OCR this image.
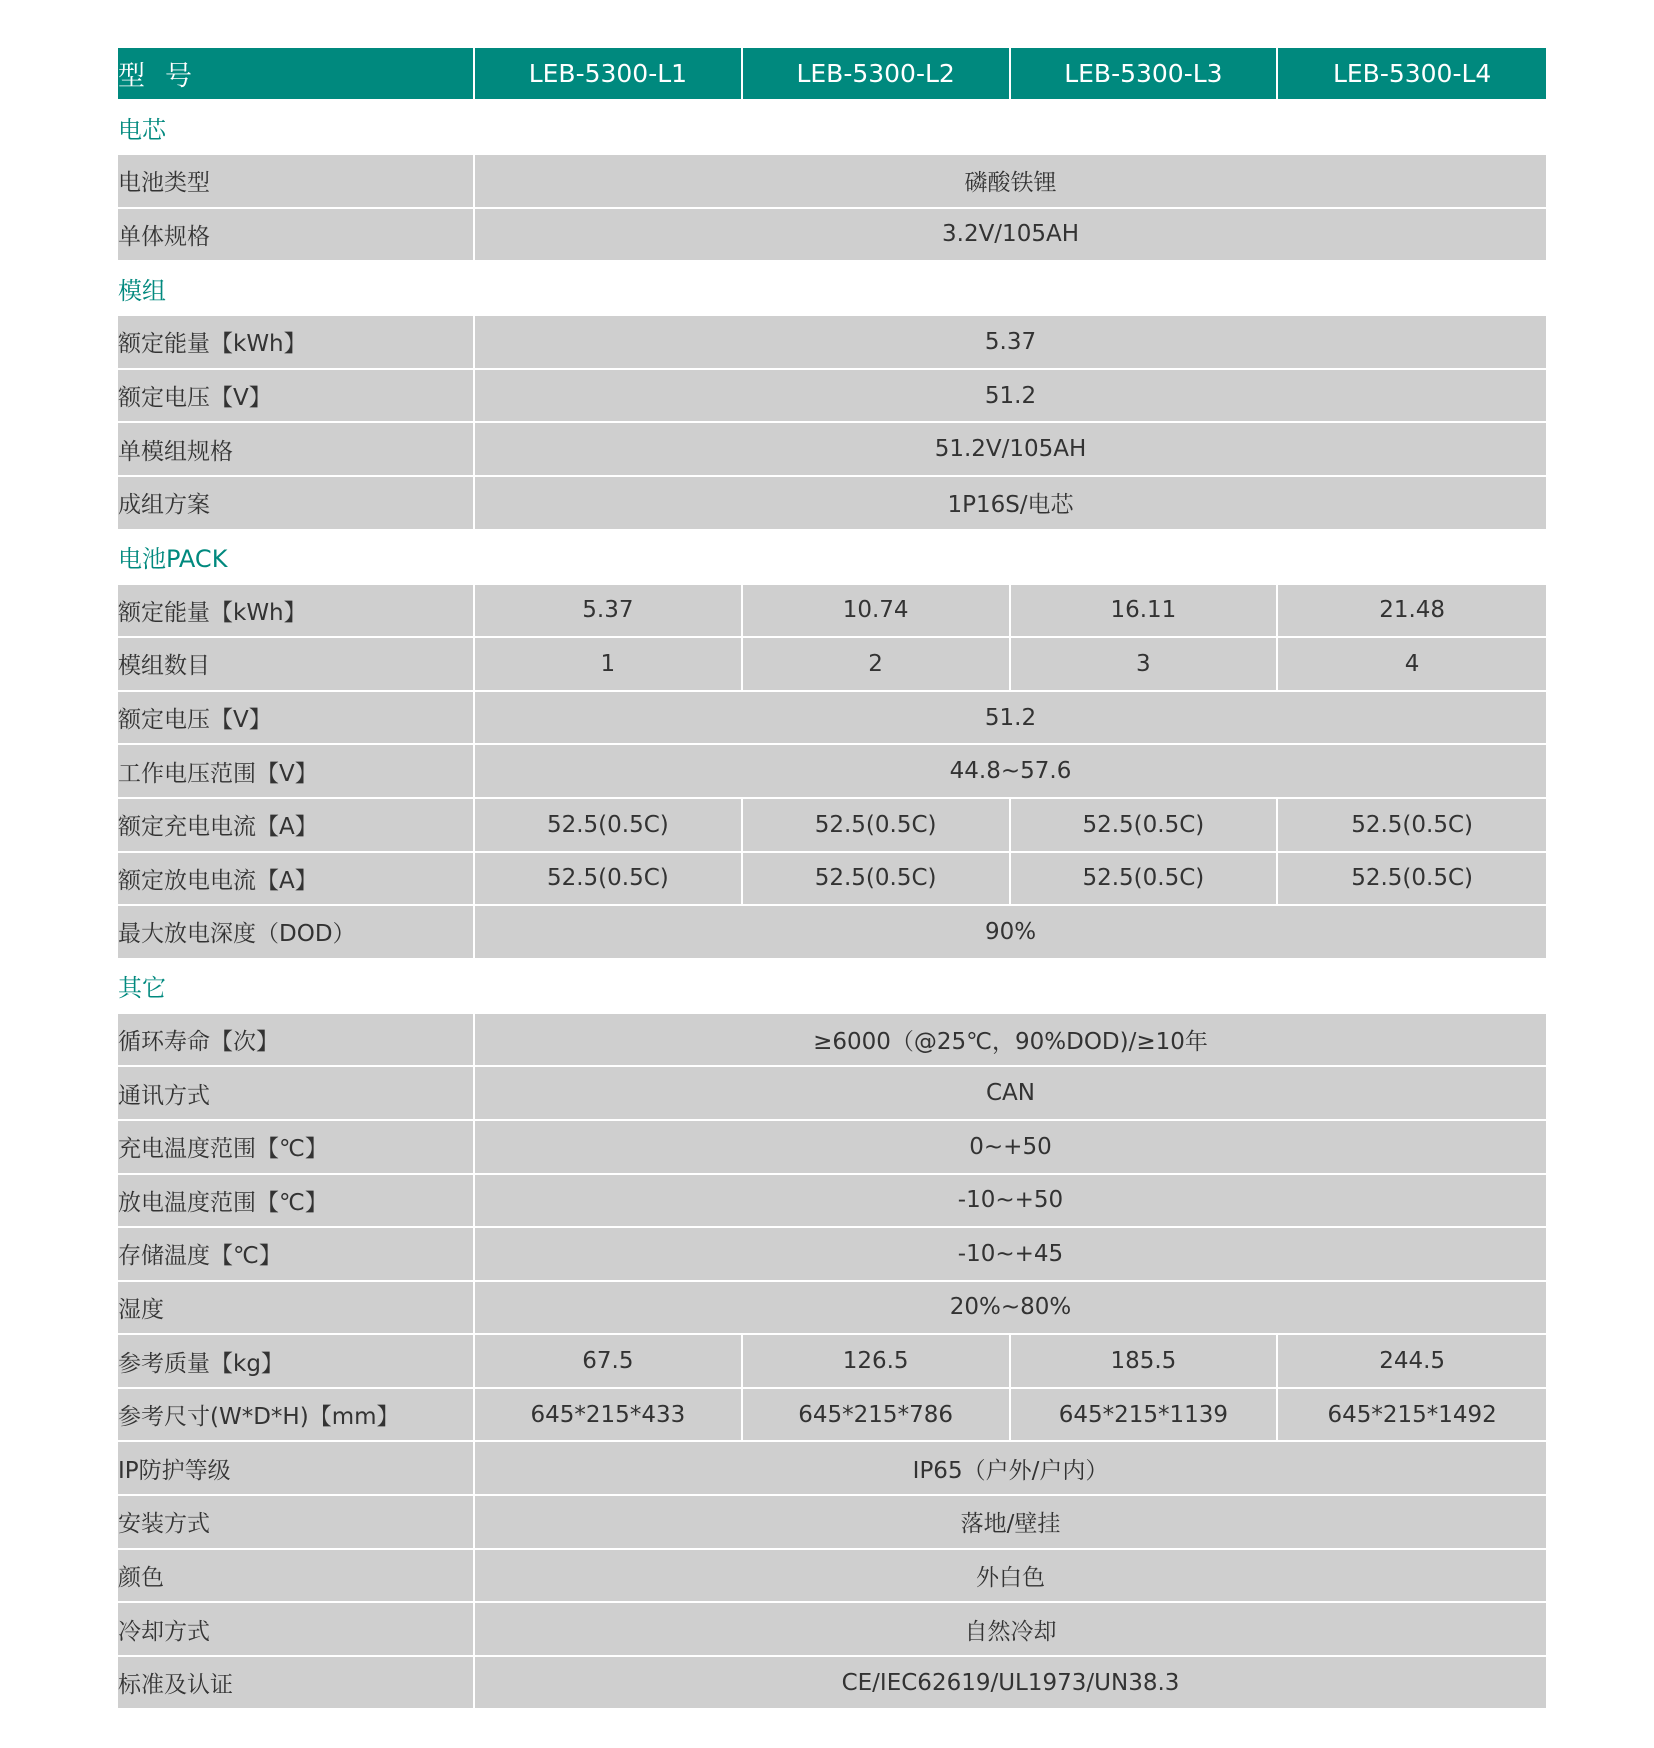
型号	LEB-5300-L1	LEB-5300-L2	LEB-5300-L3	LEB-5300-L4
电芯				
电池类型	磷酸铁锂			
单体规格	3.2V/105AH			
模组				
额定能量【kWh】	5.37			
额定电压【V】	51.2			
单模组规格	51.2V/105AH			
成组方案	1P16S/电芯			
电池PACK				
额定能量【kWh】	5.37	10.74	16.11	21.48
模组数目	1	2	3	4
额定电压【V】	51.2			
工作电压范围【V】	44.8~57.6			
额定充电电流【A】	52.5(0.5C)	52.5(0.5C)	52.5(0.5C)	52.5(0.5C)
额定放电电流【A】	52.5(0.5C)	52.5(0.5C)	52.5(0.5C)	52.5(0.5C)
最大放电深度（DOD）	90%			
其它				
循环寿命【次】	≥6000（@25℃，90%DOD)/≥10年			
通讯方式	CAN			
充电温度范围【℃】	0~+50			
放电温度范围【℃】	-10~+50			
存储温度【℃】	-10~+45			
湿度	20%~80%			
参考质量【kg】	67.5	126.5	185.5	244.5
参考尺寸(W*D*H)【mm】	645*215*433	645*215*786	645*215*1139	645*215*1492
IP防护等级	IP65（户外/户内）			
安装方式	落地/壁挂			
颜色	外白色			
冷却方式	自然冷却			
标准及认证	CE/IEC62619/UL1973/UN38.3			
